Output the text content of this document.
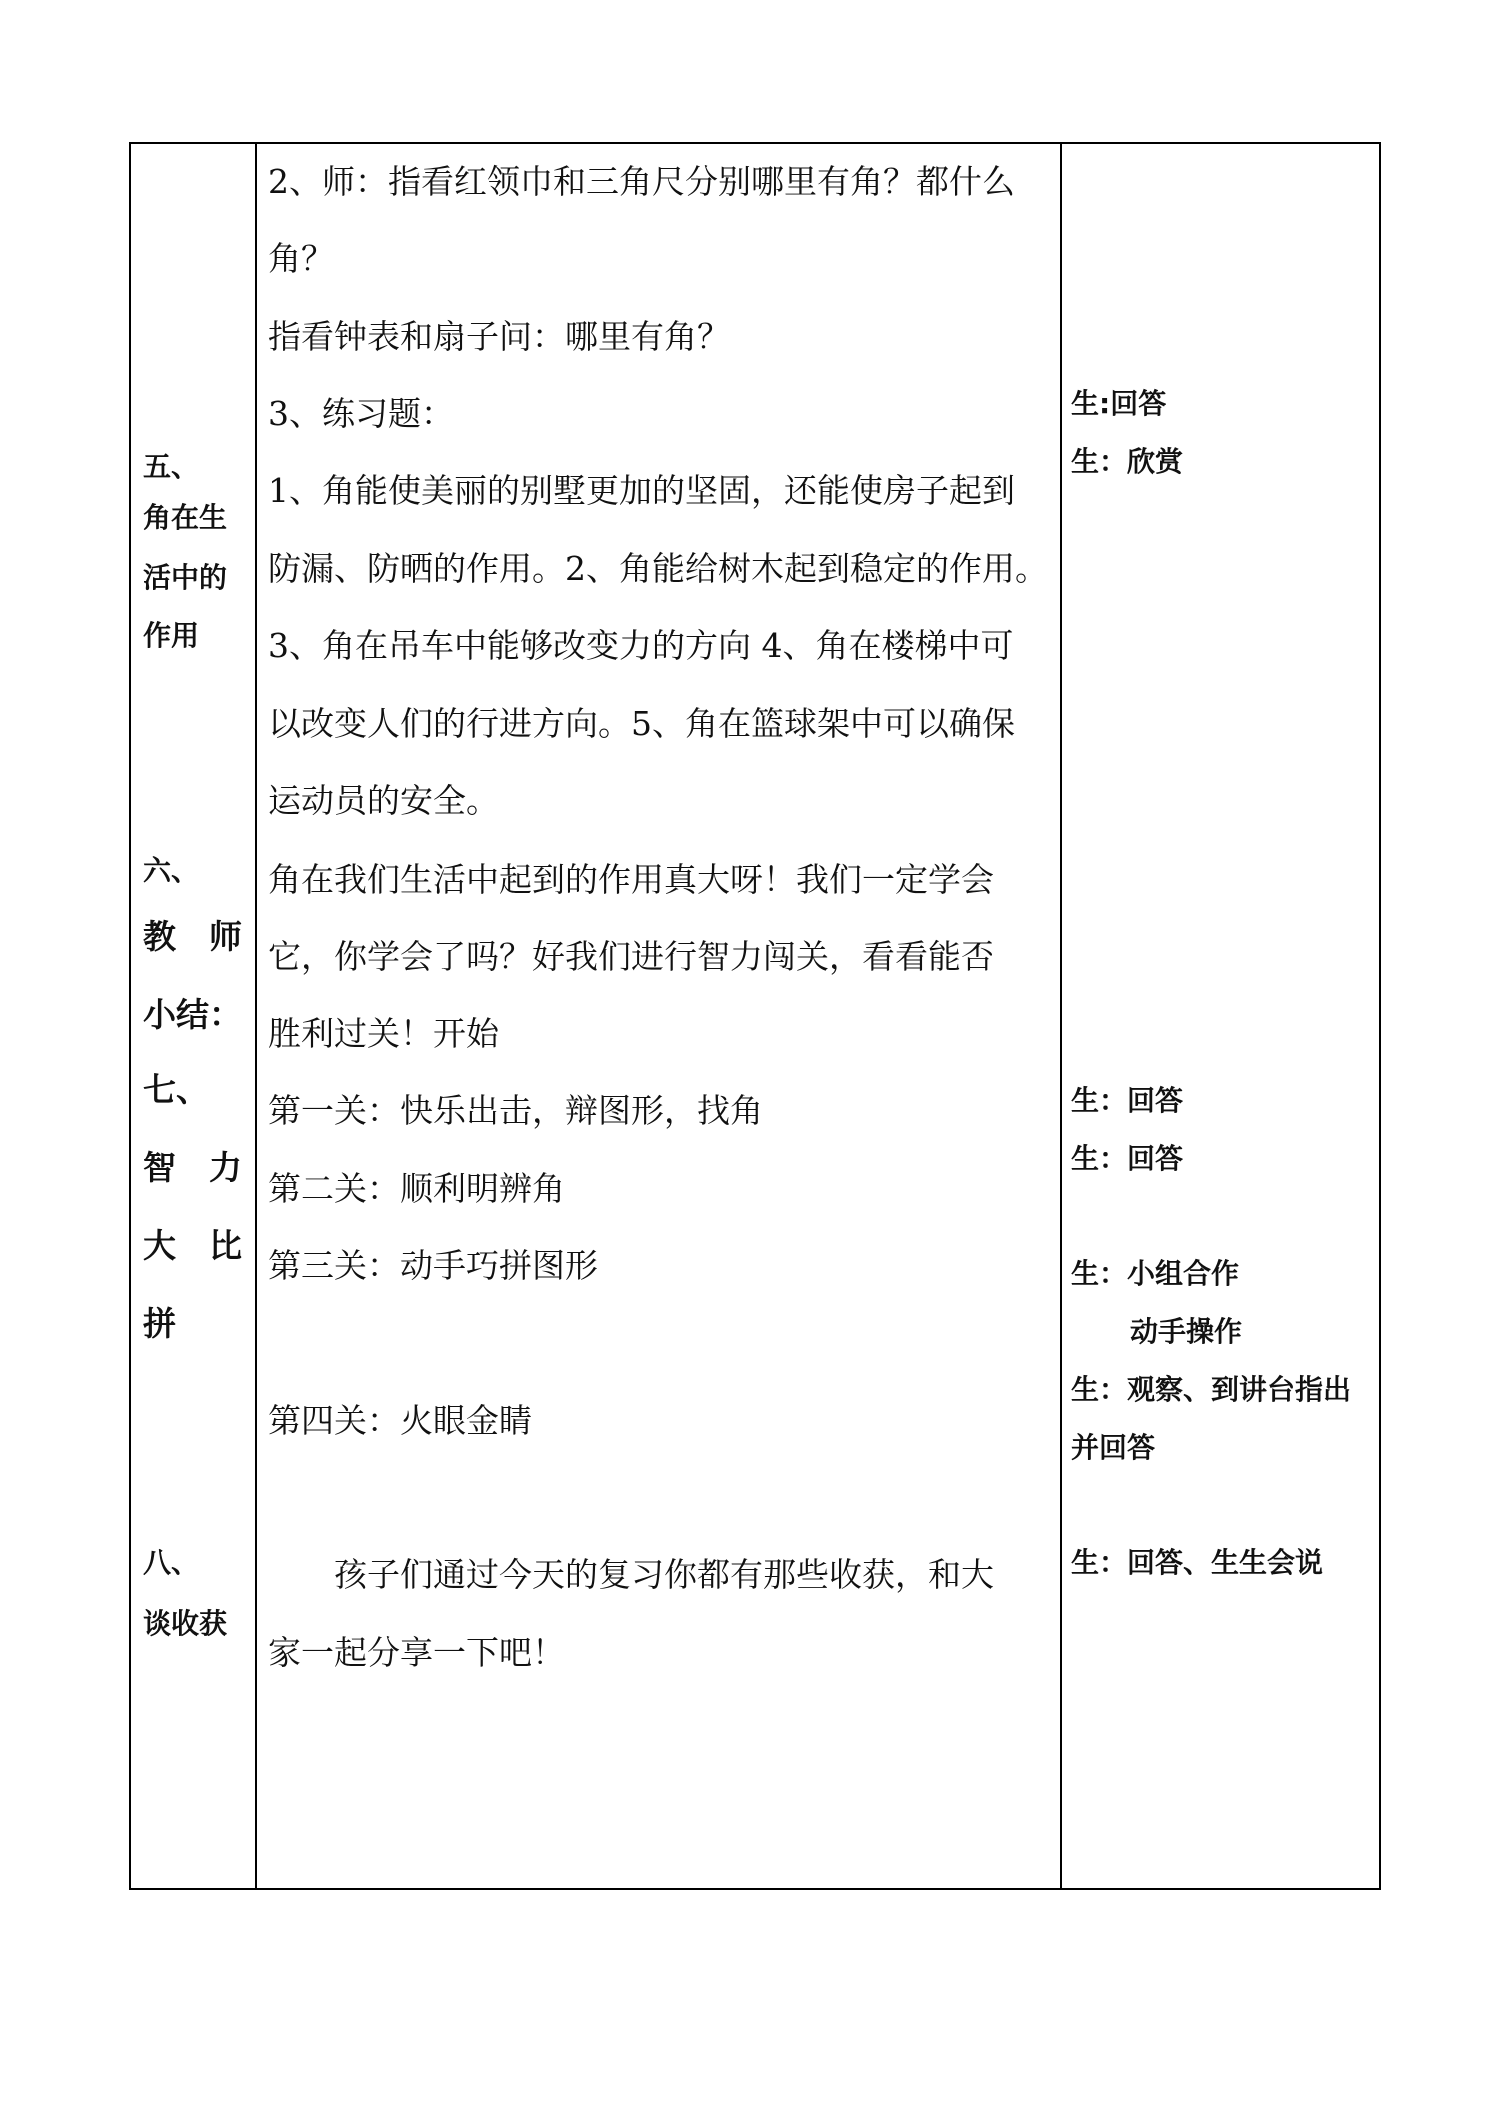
五、
角在生
活中的
作用
六、
教　师
小结：
七、
智　力
大　比
拼
八、
谈收获
2、师：指看红领巾和三角尺分别哪里有角？都什么
角？
指看钟表和扇子问：哪里有角？
3、练习题：
1、角能使美丽的别墅更加的坚固，还能使房子起到
防漏、防晒的作用。2、角能给树木起到稳定的作用。
3、角在吊车中能够改变力的方向 4、角在楼梯中可
以改变人们的行进方向。5、角在篮球架中可以确保
运动员的安全。
角在我们生活中起到的作用真大呀！我们一定学会
它，你学会了吗？好我们进行智力闯关，看看能否
胜利过关！开始
第一关：快乐出击，辩图形，找角
第二关：顺利明辨角
第三关：动手巧拼图形
第四关：火眼金睛
　　孩子们通过今天的复习你都有那些收获，和大
家一起分享一下吧！
生:回答
生：欣赏
生：回答
生：回答
生：小组合作
动手操作
生：观察、到讲台指出
并回答
生：回答、生生会说
